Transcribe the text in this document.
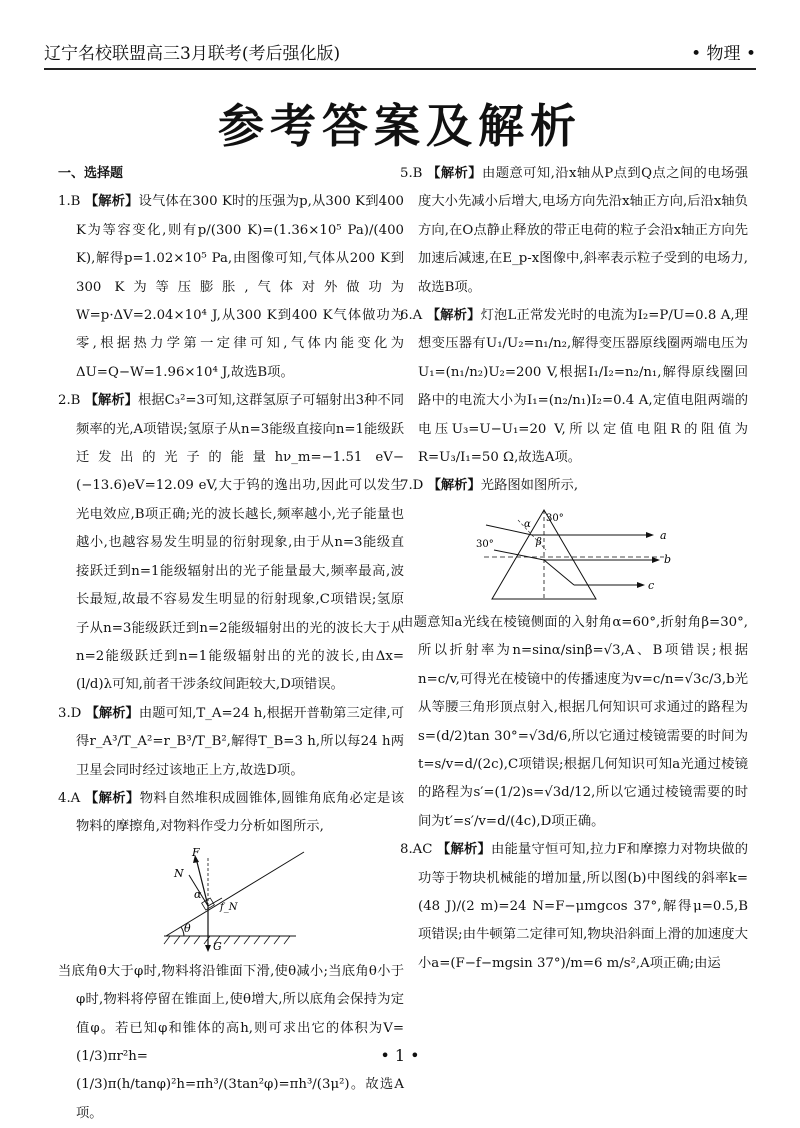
辽宁名校联盟高三3月联考(考后强化版)	• 物理 •
参考答案及解析
一、选择题

1.B 【解析】设气体在300 K时的压强为p,从300 K到400 K为等容变化,则有p/(300 K)=(1.36×10⁵ Pa)/(400 K),解得p=1.02×10⁵ Pa,由图像可知,气体从200 K到300 K为等压膨胀,气体对外做功为W=p·ΔV=2.04×10⁴ J,从300 K到400 K气体做功为零,根据热力学第一定律可知,气体内能变化为ΔU=Q−W=1.96×10⁴ J,故选B项。

2.B 【解析】根据C₃²=3可知,这群氢原子可辐射出3种不同频率的光,A项错误;氢原子从n=3能级直接向n=1能级跃迁发出的光子的能量hν_m=−1.51 eV−(−13.6)eV=12.09 eV,大于钨的逸出功,因此可以发生光电效应,B项正确;光的波长越长,频率越小,光子能量也越小,也越容易发生明显的衍射现象,由于从n=3能级直接跃迁到n=1能级辐射出的光子能量最大,频率最高,波长最短,故最不容易发生明显的衍射现象,C项错误;氢原子从n=3能级跃迁到n=2能级辐射出的光的波长大于从n=2能级跃迁到n=1能级辐射出的光的波长,由Δx=(l/d)λ可知,前者干涉条纹间距较大,D项错误。

3.D 【解析】由题可知,T_A=24 h,根据开普勒第三定律,可得r_A³/T_A²=r_B³/T_B²,解得T_B=3 h,所以每24 h两卫星会同时经过该地正上方,故选D项。

4.A 【解析】物料自然堆积成圆锥体,圆锥角底角必定是该物料的摩擦角,对物料作受力分析如图所示,

F
N
α
f_N
θ
G

当底角θ大于φ时,物料将沿锥面下滑,使θ减小;当底角θ小于φ时,物料将停留在锥面上,使θ增大,所以底角会保持为定值φ。若已知φ和锥体的高h,则可求出它的体积为V=(1/3)πr²h=(1/3)π(h/tanφ)²h=πh³/(3tan²φ)=πh³/(3μ²)。故选A项。

5.B 【解析】由题意可知,沿x轴从P点到Q点之间的电场强度大小先减小后增大,电场方向先沿x轴正方向,后沿x轴负方向,在O点静止释放的带正电荷的粒子会沿x轴正方向先加速后减速,在E_p-x图像中,斜率表示粒子受到的电场力,故选B项。

6.A 【解析】灯泡L正常发光时的电流为I₂=P/U=0.8 A,理想变压器有U₁/U₂=n₁/n₂,解得变压器原线圈两端电压为U₁=(n₁/n₂)U₂=200 V,根据I₁/I₂=n₂/n₁,解得原线圈回路中的电流大小为I₁=(n₂/n₁)I₂=0.4 A,定值电阻两端的电压U₃=U−U₁=20 V,所以定值电阻R的阻值为R=U₃/I₁=50 Ω,故选A项。

7.D 【解析】光路图如图所示,

30°
30°
α
β
a
b
c

由题意知a光线在棱镜侧面的入射角α=60°,折射角β=30°,所以折射率为n=sinα/sinβ=√3,A、B项错误;根据n=c/v,可得光在棱镜中的传播速度为v=c/n=√3c/3,b光从等腰三角形顶点射入,根据几何知识可求通过的路程为s=(d/2)tan 30°=√3d/6,所以它通过棱镜需要的时间为t=s/v=d/(2c),C项错误;根据几何知识可知a光通过棱镜的路程为s′=(1/2)s=√3d/12,所以它通过棱镜需要的时间为t′=s′/v=d/(4c),D项正确。

8.AC 【解析】由能量守恒可知,拉力F和摩擦力对物块做的功等于物块机械能的增加量,所以图(b)中图线的斜率k=(48 J)/(2 m)=24 N=F−μmgcos 37°,解得μ=0.5,B项错误;由牛顿第二定律可知,物块沿斜面上滑的加速度大小a=(F−f−mgsin 37°)/m=6 m/s²,A项正确;由运

• 1 •
